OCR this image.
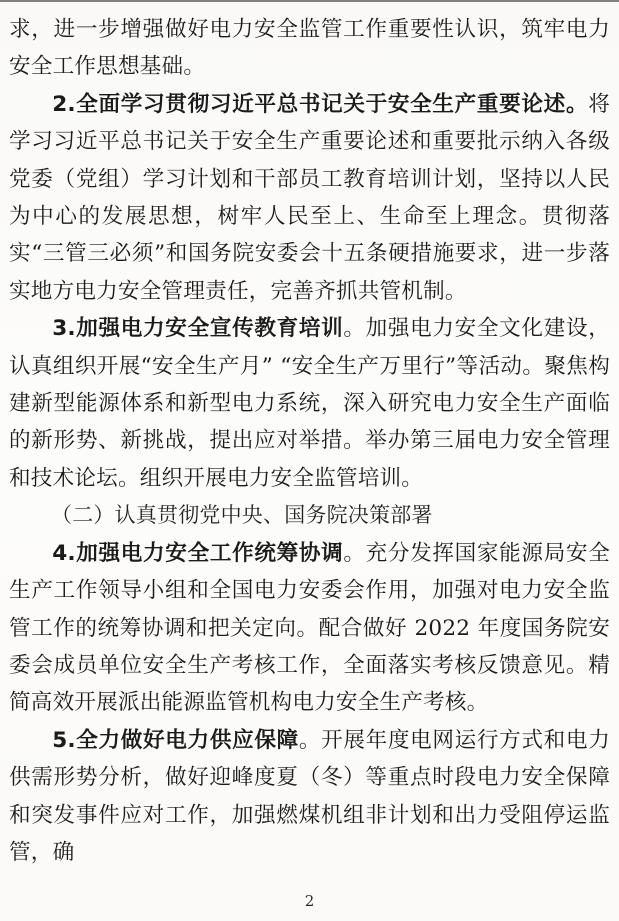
求，进一步增强做好电力安全监管工作重要性认识，筑牢电力安全工作思想基础。

2.全面学习贯彻习近平总书记关于安全生产重要论述。将学习习近平总书记关于安全生产重要论述和重要批示纳入各级党委（党组）学习计划和干部员工教育培训计划，坚持以人民为中心的发展思想，树牢人民至上、生命至上理念。贯彻落实“三管三必须”和国务院安委会十五条硬措施要求，进一步落实地方电力安全管理责任，完善齐抓共管机制。

3.加强电力安全宣传教育培训。加强电力安全文化建设，认真组织开展“安全生产月” “安全生产万里行”等活动。聚焦构建新型能源体系和新型电力系统，深入研究电力安全生产面临的新形势、新挑战，提出应对举措。举办第三届电力安全管理和技术论坛。组织开展电力安全监管培训。

（二）认真贯彻党中央、国务院决策部署

4.加强电力安全工作统筹协调。充分发挥国家能源局安全生产工作领导小组和全国电力安委会作用，加强对电力安全监管工作的统筹协调和把关定向。配合做好 2022 年度国务院安委会成员单位安全生产考核工作，全面落实考核反馈意见。精简高效开展派出能源监管机构电力安全生产考核。

5.全力做好电力供应保障。开展年度电网运行方式和电力供需形势分析，做好迎峰度夏（冬）等重点时段电力安全保障和突发事件应对工作，加强燃煤机组非计划和出力受阻停运监管，确

2
